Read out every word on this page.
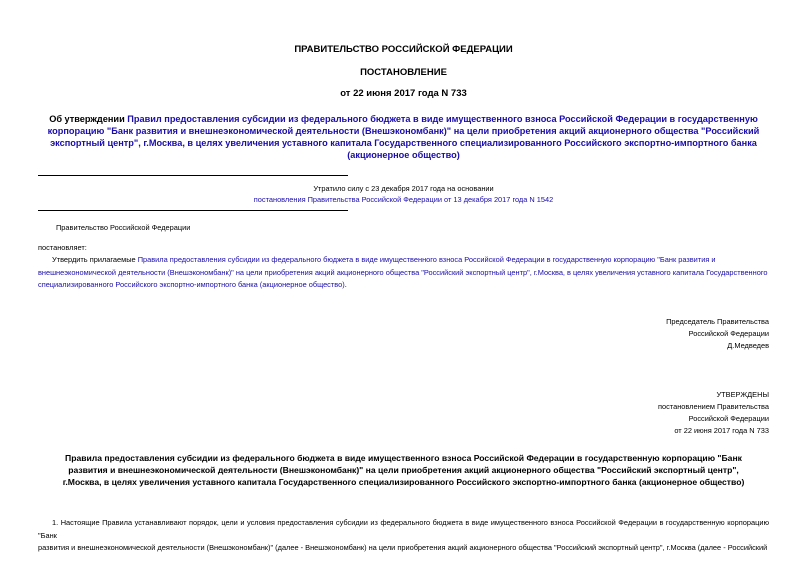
ПРАВИТЕЛЬСТВО РОССИЙСКОЙ ФЕДЕРАЦИИ
ПОСТАНОВЛЕНИЕ
от 22 июня 2017 года N 733
Об утверждении Правил предоставления субсидии из федерального бюджета в виде имущественного взноса Российской Федерации в государственную
корпорацию "Банк развития и внешнеэкономической деятельности (Внешэкономбанк)" на цели приобретения акций акционерного общества "Российский
экспортный центр", г.Москва, в целях увеличения уставного капитала Государственного специализированного Российского экспортно-импортного банка
(акционерное общество)
Утратило силу с 23 декабря 2017 года на основании
постановления Правительства Российской Федерации от 13 декабря 2017 года N 1542
Правительство Российской Федерации
постановляет:
Утвердить прилагаемые Правила предоставления субсидии из федерального бюджета в виде имущественного взноса Российской Федерации в государственную корпорацию "Банк развития и
внешнеэкономической деятельности (Внешэкономбанк)" на цели приобретения акций акционерного общества "Российский экспортный центр", г.Москва, в целях увеличения уставного капитала Государственного
специализированного Российского экспортно-импортного банка (акционерное общество).
Председатель Правительства
Российской Федерации
Д.Медведев
УТВЕРЖДЕНЫ
постановлением Правительства
Российской Федерации
от 22 июня 2017 года N 733
Правила предоставления субсидии из федерального бюджета в виде имущественного взноса Российской Федерации в государственную корпорацию "Банк
развития и внешнеэкономической деятельности (Внешэкономбанк)" на цели приобретения акций акционерного общества "Российский экспортный центр",
г.Москва, в целях увеличения уставного капитала Государственного специализированного Российского экспортно-импортного банка (акционерное общество)
1. Настоящие Правила устанавливают порядок, цели и условия предоставления субсидии из федерального бюджета в виде имущественного взноса Российской Федерации в государственную корпорацию "Банк
развития и внешнеэкономической деятельности (Внешэкономбанк)" (далее - Внешэкономбанк) на цели приобретения акций акционерного общества "Российский экспортный центр", г.Москва (далее - Российский
